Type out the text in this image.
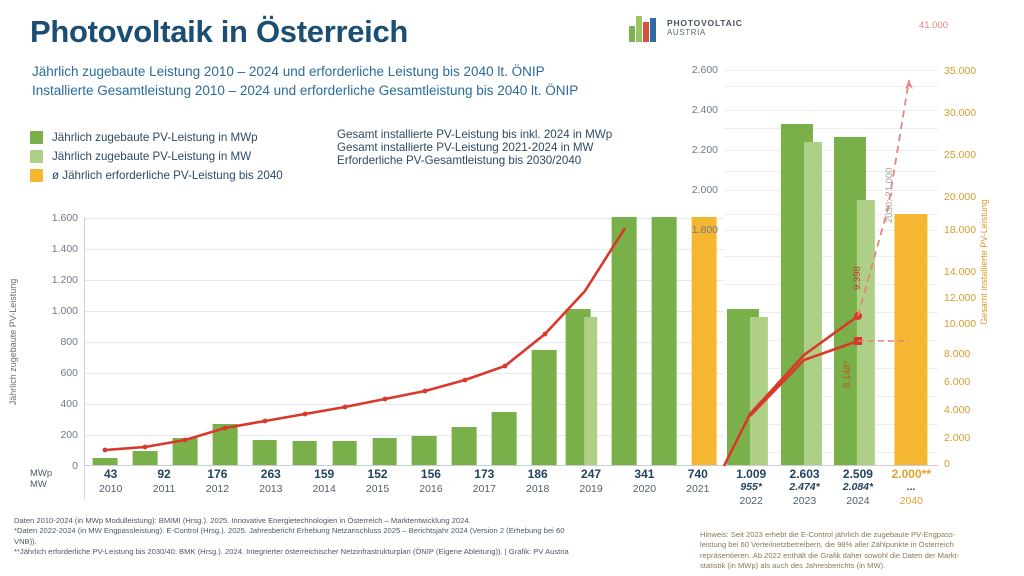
Photovoltaik in Österreich
Jährlich zugebaute Leistung 2010 – 2024 und erforderliche Leistung bis 2040 lt. ÖNIP
Installierte Gesamtleistung 2010 – 2024 und erforderliche Gesamtleistung bis 2040 lt. ÖNIP
PHOTOVOLTAIC
AUSTRIA
Jährlich zugebaute PV-Leistung in MWp
Jährlich zugebaute PV-Leistung in MW
ø Jährlich erforderliche PV-Leistung bis 2040
Gesamt installierte PV-Leistung bis inkl. 2024 in MWp
Gesamt installierte PV-Leistung 2021-2024 in MW
Erforderliche PV-Gesamtleistung bis 2030/2040
Jährlich zugebaute PV-Leistung
1.600
1.400
1.200
1.000
800
600
400
200
0
2.600
2.400
2.200
2.000
1.800
35.000
30.000
25.000
20.000
18.000
14.000
12.000
10.000
8.000
6.000
4.000
2.000
0
Gesamt installierte PV-Leistung
41.000
2030: 21.000
9.398
8.148*
MWp
MW
43
2010
92
2011
176
2012
263
2013
159
2014
152
2015
156
2016
173
2017
186
2018
247
2019
341
2020
740
2021
1.009
955*
2022
2.603
2.474*
2023
2.509
2.084*
2024
2.000**
...
2040
Daten 2010-2024 (in MWp Modulleistung): BMIMI (Hrsg.). 2025. Innovative Energietechnologien in Österreich – Marktentwicklung 2024.
*Daten 2022-2024 (in MW Engpassleistung): E-Control (Hrsg.). 2025. Jahresbericht Erhebung Netzanschluss 2025 – Berichtsjahr 2024 (Version 2 (Erhebung bei 60 VNB)).
**Jährlich erforderliche PV-Leistung bis 2030/40: BMK (Hrsg.). 2024. Integrierter österreichischer Netzinfrastrukturplan (ÖNIP (Eigene Ableitung)). | Grafik: PV Austria
Hinweis: Seit 2023 erhebt die E-Control jährlich die zugebaute PV-Engpass-
leistung bei 60 Verteilnetzbetreibern, die 98% aller Zählpunkte in Österreich
repräsentieren. Ab 2022 enthält die Grafik daher sowohl die Daten der Markt-
statistik (in MWp) als auch des Jahresberichts (in MW).
